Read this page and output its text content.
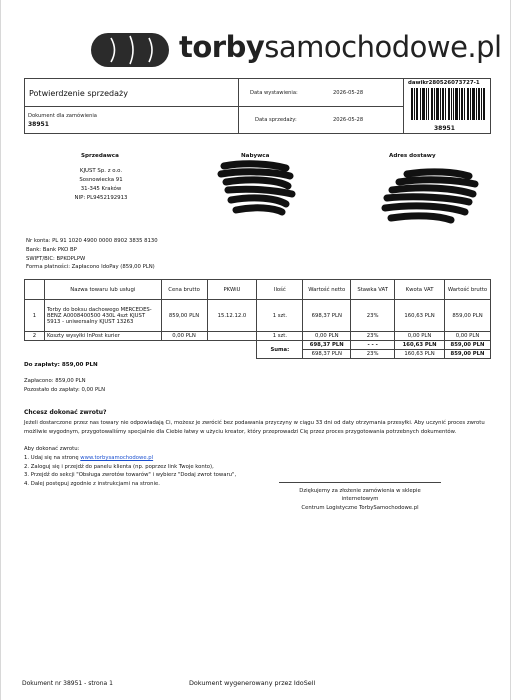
torbysamochodowe.pl
Potwierdzenie sprzedaży	Data wystawienia:	2026-05-28
Dokument dla zamówienia
38951
Data sprzedaży:	2026-05-28
dawikr280526073727-1
38951
Sprzedawca	Nabywca	Adres dostawy
KJUST Sp. z o.o.
Sosnowiecka 91
31-345 Kraków
NIP: PL9452192913
Nr konta: PL 91 1020 4900 0000 8902 3835 8130
Bank: Bank PKO BP
SWIFT/BIC: BPKOPLPW
Forma płatności: Zapłacono IdoPay (859,00 PLN)
	Nazwa towaru lub usługi	Cena brutto	PKWiU	Ilość	Wartość netto	Stawka VAT	Kwota VAT	Wartość brutto
1	Torby do boksu dachowego MERCEDES-BENZ A0008400500 430L 4szt KJUST 5913 - uniwersalny KJUST 13263	859,00 PLN	15.12.12.0	1 szt.	698,37 PLN	23%	160,63 PLN	859,00 PLN
2	Koszty wysyłki InPost kurier	0,00 PLN		1 szt.	0,00 PLN	23%	0,00 PLN	0,00 PLN
				Suma:	698,37 PLN	- - -	160,63 PLN	859,00 PLN
					698,37 PLN	23%	160,63 PLN	859,00 PLN
Do zapłaty: 859,00 PLN
Zapłacono: 859,00 PLN
Pozostało do zapłaty: 0,00 PLN
Chcesz dokonać zwrotu?
Jeżeli dostarczone przez nas towary nie odpowiadają Ci, możesz je zwrócić bez podawania przyczyny w ciągu 33 dni od daty otrzymania przesyłki. Aby uczynić proces zwrotu możliwie wygodnym, przygotowaliśmy specjalnie dla Ciebie łatwy w użyciu kreator, który przeprowadzi Cię przez proces przygotowania potrzebnych dokumentów.
Aby dokonać zwrotu:
1. Udaj się na stronę www.torbysamochodowe.pl
2. Zaloguj się i przejdź do panelu klienta (np. poprzez link Twoje konto),
3. Przejdź do sekcji "Obsługa zwrotów towarów" i wybierz "Dodaj zwrot towaru",
4. Dalej postępuj zgodnie z instrukcjami na stronie.
Dziękujemy za złożenie zamówienia w sklepie
internetowym
Centrum Logistyczne TorbySamochodowe.pl
Dokument nr 38951 - strona 1	Dokument wygenerowany przez IdoSell
